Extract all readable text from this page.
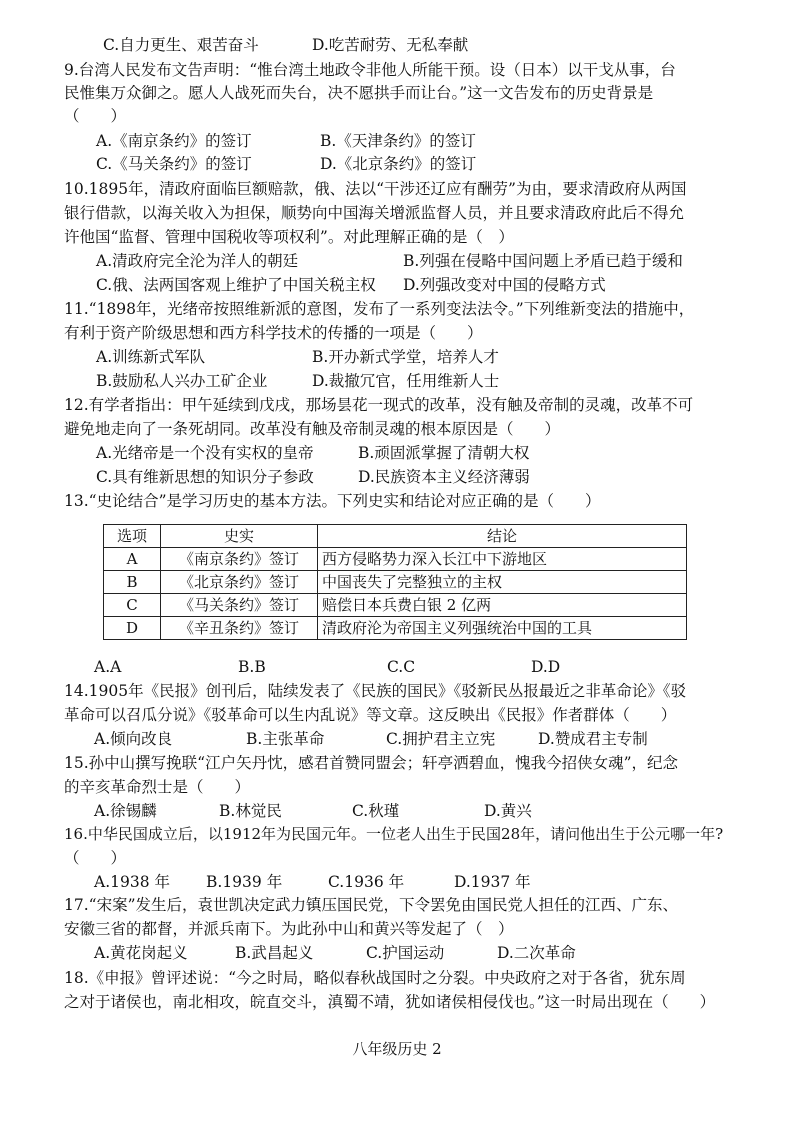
C.自力更生、艰苦奋斗	D.吃苦耐劳、无私奉献
9.台湾人民发布文告声明：“惟台湾土地政令非他人所能干预。设（日本）以干戈从事，台
民惟集万众御之。愿人人战死而失台，决不愿拱手而让台。”这一文告发布的历史背景是
（　　）
A.《南京条约》的签订	B.《天津条约》的签订
C.《马关条约》的签订	D.《北京条约》的签订
10.1895年，清政府面临巨额赔款，俄、法以“干涉还辽应有酬劳”为由，要求清政府从两国
银行借款，以海关收入为担保，顺势向中国海关增派监督人员，并且要求清政府此后不得允
许他国“监督、管理中国税收等项权利”。对此理解正确的是（　）
A.清政府完全沦为洋人的朝廷	B.列强在侵略中国问题上矛盾已趋于缓和
C.俄、法两国客观上维护了中国关税主权 D.列强改变对中国的侵略方式
11.“1898年，光绪帝按照维新派的意图，发布了一系列变法法令。”下列维新变法的措施中，
有利于资产阶级思想和西方科学技术的传播的一项是（　　）
A.训练新式军队	B.开办新式学堂，培养人才
B.鼓励私人兴办工矿企业	D.裁撤冗官，任用维新人士
12.有学者指出：甲午延续到戊戌，那场昙花一现式的改革，没有触及帝制的灵魂，改革不可
避免地走向了一条死胡同。改革没有触及帝制灵魂的根本原因是（　　）
A.光绪帝是一个没有实权的皇帝	B.顽固派掌握了清朝大权
C.具有维新思想的知识分子参政	D.民族资本主义经济薄弱
13.“史论结合”是学习历史的基本方法。下列史实和结论对应正确的是（　　）
选项	史实	结论
A	《南京条约》签订	西方侵略势力深入长江中下游地区
B	《北京条约》签订	中国丧失了完整独立的主权
C	《马关条约》签订	赔偿日本兵费白银 2 亿两
D	《辛丑条约》签订	清政府沦为帝国主义列强统治中国的工具
A.A	B.B	C.C	D.D
14.1905年《民报》创刊后，陆续发表了《民族的国民》《驳新民丛报最近之非革命论》《驳
革命可以召瓜分说》《驳革命可以生内乱说》等文章。这反映出《民报》作者群体（　　）
A.倾向改良	B.主张革命	C.拥护君主立宪	D.赞成君主专制
15.孙中山撰写挽联“江户矢丹忱，感君首赞同盟会；轩亭洒碧血，愧我今招侠女魂”，纪念
的辛亥革命烈士是（　　）
A.徐锡麟	B.林觉民	C.秋瑾	D.黄兴
16.中华民国成立后，以1912年为民国元年。一位老人出生于民国28年，请问他出生于公元哪一年?
（　　）
A.1938 年 B.1939 年	C.1936 年	D.1937 年
17.“宋案”发生后，袁世凯决定武力镇压国民党，下令罢免由国民党人担任的江西、广东、
安徽三省的都督，并派兵南下。为此孙中山和黄兴等发起了（　）
A.黄花岗起义	B.武昌起义	C.护国运动	D.二次革命
18.《申报》曾评述说：“今之时局，略似春秋战国时之分裂。中央政府之对于各省，犹东周
之对于诸侯也，南北相攻，皖直交斗，滇蜀不靖，犹如诸侯相侵伐也。”这一时局出现在（　　）
八年级历史 2
